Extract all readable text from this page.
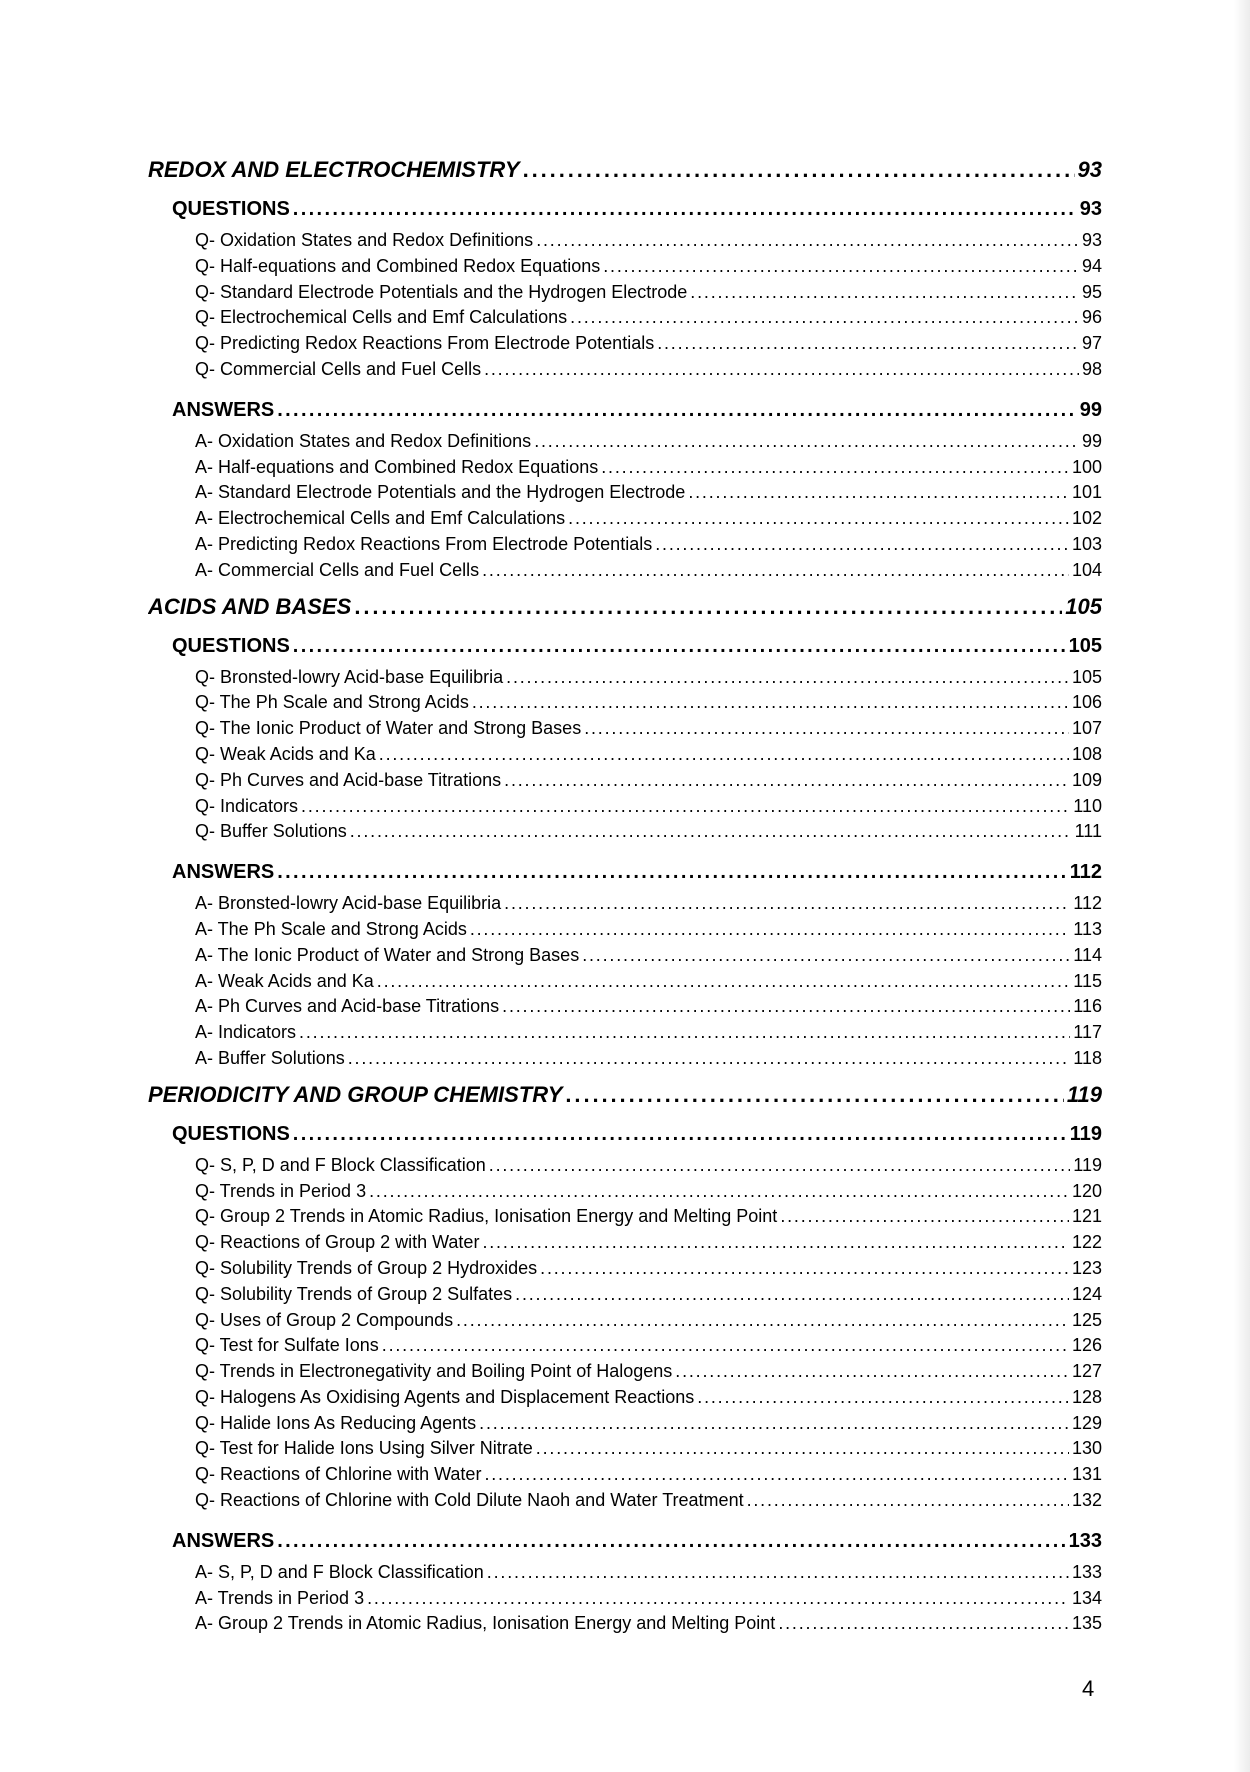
REDOX AND ELECTROCHEMISTRY . . .	93
QUESTIONS . . .	93
Q- Oxidation States and Redox Definitions . . .	93
Q- Half-equations and Combined Redox Equations . . .	94
Q- Standard Electrode Potentials and the Hydrogen Electrode . . .	95
Q- Electrochemical Cells and Emf Calculations . . .	96
Q- Predicting Redox Reactions From Electrode Potentials . . .	97
Q- Commercial Cells and Fuel Cells . . .	98
ANSWERS . . .	99
A- Oxidation States and Redox Definitions . . .	99
A- Half-equations and Combined Redox Equations . . .	100
A- Standard Electrode Potentials and the Hydrogen Electrode . . .	101
A- Electrochemical Cells and Emf Calculations . . .	102
A- Predicting Redox Reactions From Electrode Potentials . . .	103
A- Commercial Cells and Fuel Cells . . .	104
ACIDS AND BASES . . .	105
QUESTIONS . . .	105
Q- Bronsted-lowry Acid-base Equilibria . . .	105
Q- The Ph Scale and Strong Acids . . .	106
Q- The Ionic Product of Water and Strong Bases . . .	107
Q- Weak Acids and Ka . . .	108
Q- Ph Curves and Acid-base Titrations . . .	109
Q- Indicators . . .	110
Q- Buffer Solutions . . .	111
ANSWERS . . .	112
A- Bronsted-lowry Acid-base Equilibria . . .	112
A- The Ph Scale and Strong Acids . . .	113
A- The Ionic Product of Water and Strong Bases . . .	114
A- Weak Acids and Ka . . .	115
A- Ph Curves and Acid-base Titrations . . .	116
A- Indicators . . .	117
A- Buffer Solutions . . .	118
PERIODICITY AND GROUP CHEMISTRY . . .	119
QUESTIONS . . .	119
Q- S, P, D and F Block Classification . . .	119
Q- Trends in Period 3 . . .	120
Q- Group 2 Trends in Atomic Radius, Ionisation Energy and Melting Point . . .	121
Q- Reactions of Group 2 with Water . . .	122
Q- Solubility Trends of Group 2 Hydroxides . . .	123
Q- Solubility Trends of Group 2 Sulfates . . .	124
Q- Uses of Group 2 Compounds . . .	125
Q- Test for Sulfate Ions . . .	126
Q- Trends in Electronegativity and Boiling Point of Halogens . . .	127
Q- Halogens As Oxidising Agents and Displacement Reactions . . .	128
Q- Halide Ions As Reducing Agents . . .	129
Q- Test for Halide Ions Using Silver Nitrate . . .	130
Q- Reactions of Chlorine with Water . . .	131
Q- Reactions of Chlorine with Cold Dilute Naoh and Water Treatment . . .	132
ANSWERS . . .	133
A- S, P, D and F Block Classification . . .	133
A- Trends in Period 3 . . .	134
A- Group 2 Trends in Atomic Radius, Ionisation Energy and Melting Point . . .	135
4
